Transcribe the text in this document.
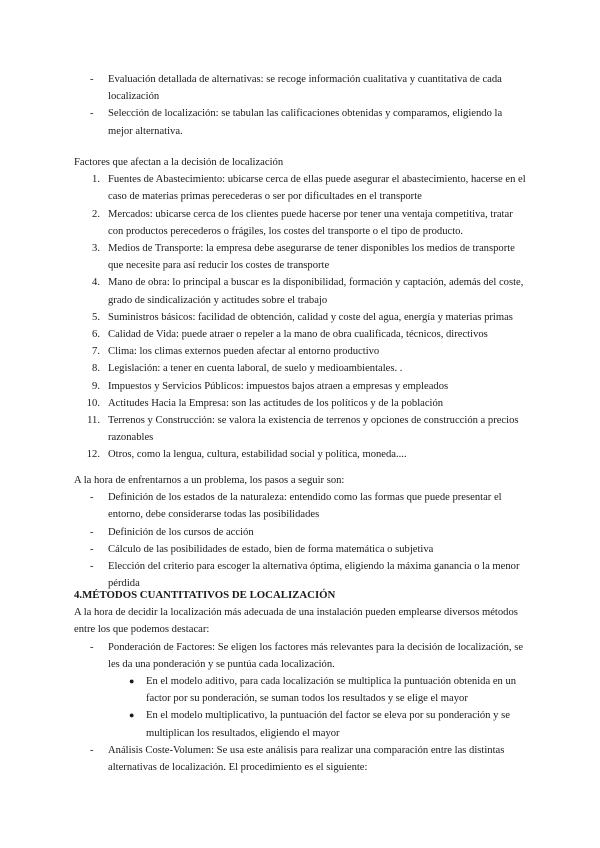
- Evaluación detallada de alternativas: se recoge información cualitativa y cuantitativa de cada localización
- Selección de localización: se tabulan las calificaciones obtenidas y comparamos, eligiendo la mejor alternativa.

Factores que afectan a la decisión de localización

1. Fuentes de Abastecimiento: ubicarse cerca de ellas puede asegurar el abastecimiento, hacerse en el caso de materias primas perecederas o ser por dificultades en el transporte
2. Mercados: ubicarse cerca de los clientes puede hacerse por tener una ventaja competitiva, tratar con productos perecederos o frágiles, los costes del transporte o el tipo de producto.
3. Medios de Transporte: la empresa debe asegurarse de tener disponibles los medios de transporte que necesite para así reducir los costes de transporte
4. Mano de obra: lo principal a buscar es la disponibilidad, formación y captación, además del coste, grado de sindicalización y actitudes sobre el trabajo
5. Suministros básicos: facilidad de obtención, calidad y coste del agua, energía y materias primas
6. Calidad de Vida: puede atraer o repeler a la mano de obra cualificada, técnicos, directivos
7. Clima: los climas externos pueden afectar al entorno productivo
8. Legislación: a tener en cuenta laboral, de suelo y medioambientales. .
9. Impuestos y Servicios Públicos: impuestos bajos atraen a empresas y empleados
10. Actitudes Hacia la Empresa: son las actitudes de los políticos y de la población
11. Terrenos y Construcción: se valora la existencia de terrenos y opciones de construcción a precios razonables
12. Otros, como la lengua, cultura, estabilidad social y política, moneda....

A la hora de enfrentarnos a un problema, los pasos a seguir son:

- Definición de los estados de la naturaleza: entendido como las formas que puede presentar el entorno, debe considerarse todas las posibilidades
- Definición de los cursos de acción
- Cálculo de las posibilidades de estado, bien de forma matemática o subjetiva
- Elección del criterio para escoger la alternativa óptima, eligiendo la máxima ganancia o la menor pérdida
4.MÉTODOS CUANTITATIVOS DE LOCALIZACIÓN

A la hora de decidir la localización más adecuada de una instalación pueden emplearse diversos métodos entre los que podemos destacar:

- Ponderación de Factores: Se eligen los factores más relevantes para la decisión de localización, se les da una ponderación y se puntúa cada localización.
● En el modelo aditivo, para cada localización se multiplica la puntuación obtenida en un factor por su ponderación, se suman todos los resultados y se elige el mayor
● En el modelo multiplicativo, la puntuación del factor se eleva por su ponderación y se multiplican los resultados, eligiendo el mayor
- Análisis Coste-Volumen: Se usa este análisis para realizar una comparación entre las distintas alternativas de localización. El procedimiento es el siguiente:
